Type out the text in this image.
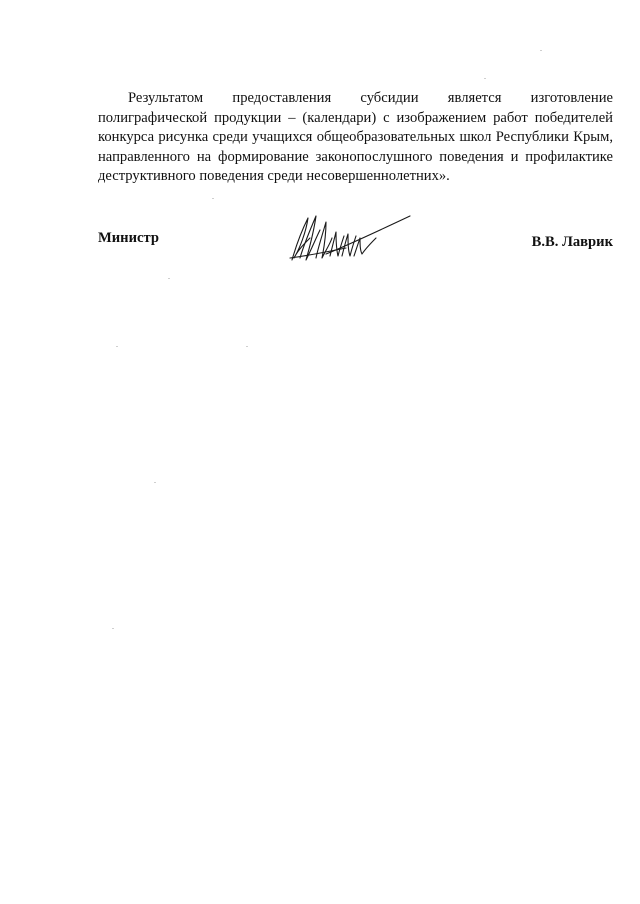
Результатом предоставления субсидии является изготовление
полиграфической продукции – (календари) с изображением работ победителей
конкурса рисунка среди учащихся общеобразовательных школ Республики Крым,
направленного на формирование законопослушного поведения и профилактике
деструктивного поведения среди несовершеннолетних».

Министр	В.В. Лаврик
